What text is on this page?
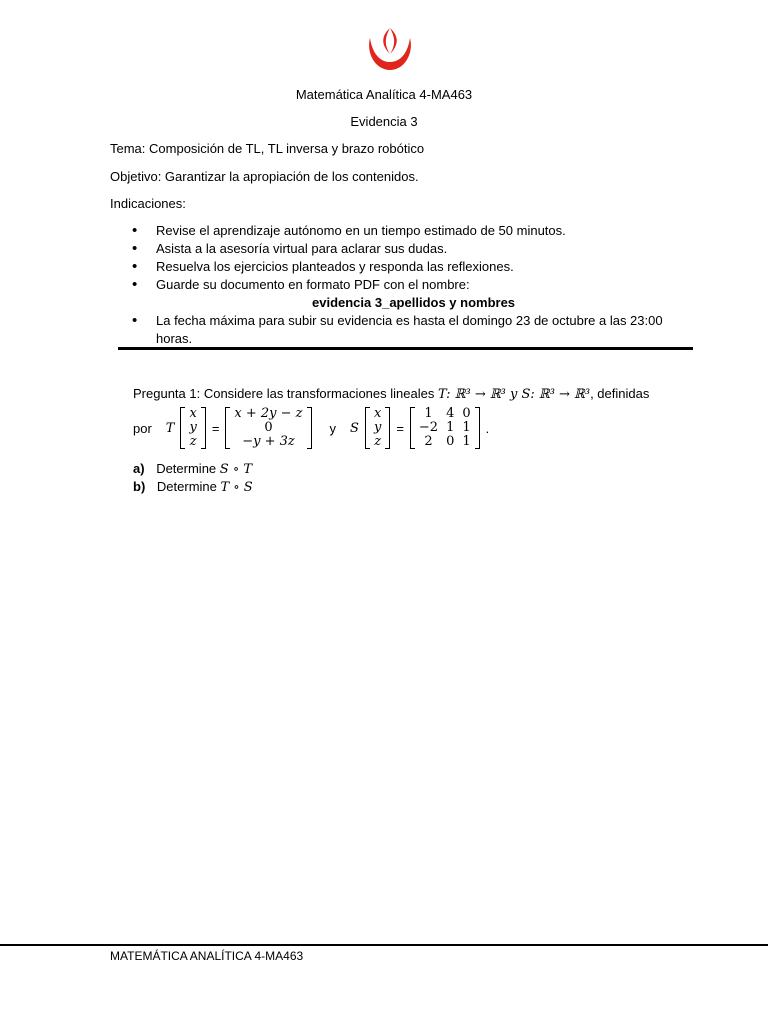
Matemática Analítica 4-MA463
Evidencia 3
Tema: Composición de TL, TL inversa y brazo robótico
Objetivo: Garantizar la apropiación de los contenidos.
Indicaciones:
• Revise el aprendizaje autónomo en un tiempo estimado de 50 minutos.
• Asista a la asesoría virtual para aclarar sus dudas.
• Resuelva los ejercicios planteados y responda las reflexiones.
• Guarde su documento en formato PDF con el nombre:
evidencia 3_apellidos y nombres
• La fecha máxima para subir su evidencia es hasta el domingo 23 de octubre a las 23:00 horas.
Pregunta 1: Considere las transformaciones lineales T: ℝ³ → ℝ³ y S: ℝ³ → ℝ³, definidas
por T
x
y
z
=
x + 2y − z
0
−y + 3z
y S
x
y
z
=
1	4	0
−2	1	1
2	0	1
.
a) Determine S ∘ T
b) Determine T ∘ S
MATEMÁTICA ANALÍTICA 4-MA463
